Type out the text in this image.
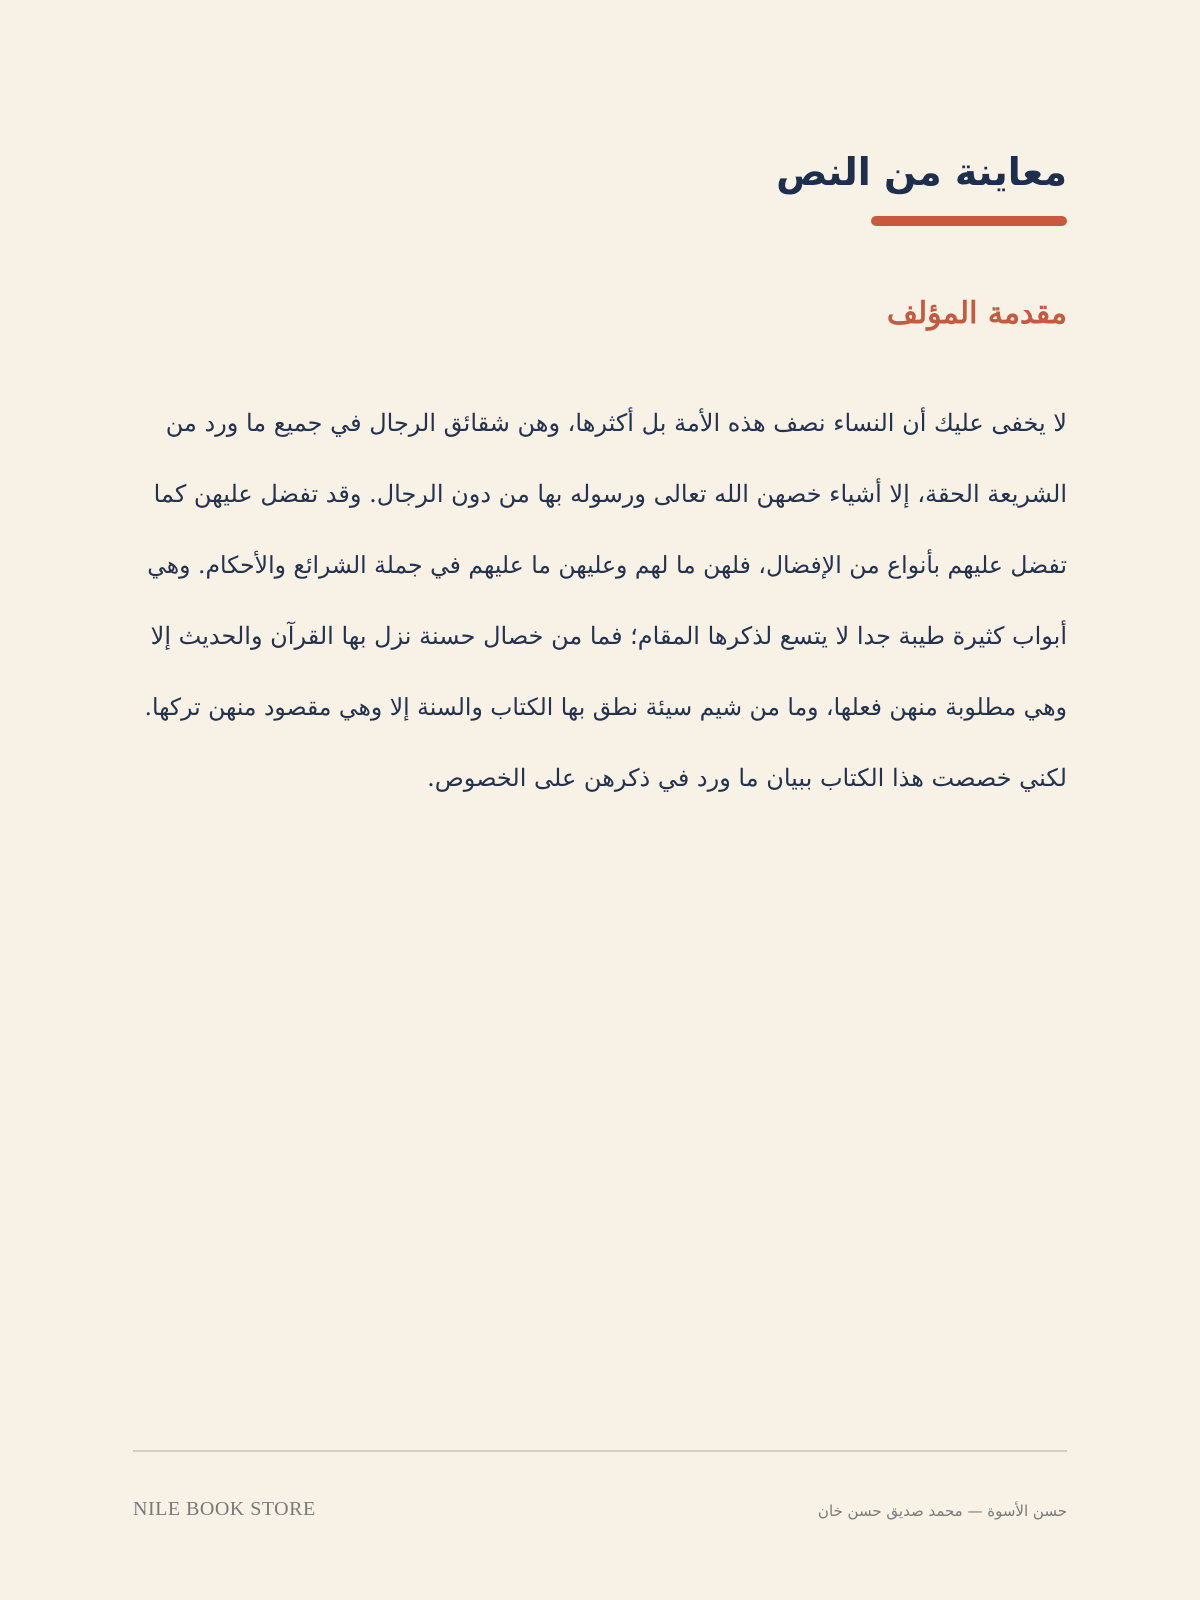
معاينة من النص
مقدمة المؤلف
لا يخفى عليك أن النساء نصف هذه الأمة بل أكثرها، وهن شقائق الرجال في جميع ما ورد من
الشريعة الحقة، إلا أشياء خصهن الله تعالى ورسوله بها من دون الرجال. وقد تفضل عليهن كما
تفضل عليهم بأنواع من الإفضال، فلهن ما لهم وعليهن ما عليهم في جملة الشرائع والأحكام. وهي
أبواب كثيرة طيبة جدا لا يتسع لذكرها المقام؛ فما من خصال حسنة نزل بها القرآن والحديث إلا
وهي مطلوبة منهن فعلها، وما من شيم سيئة نطق بها الكتاب والسنة إلا وهي مقصود منهن تركها.
لكني خصصت هذا الكتاب ببيان ما ورد في ذكرهن على الخصوص.
NILE BOOK STORE	حسن الأسوة — محمد صديق حسن خان
